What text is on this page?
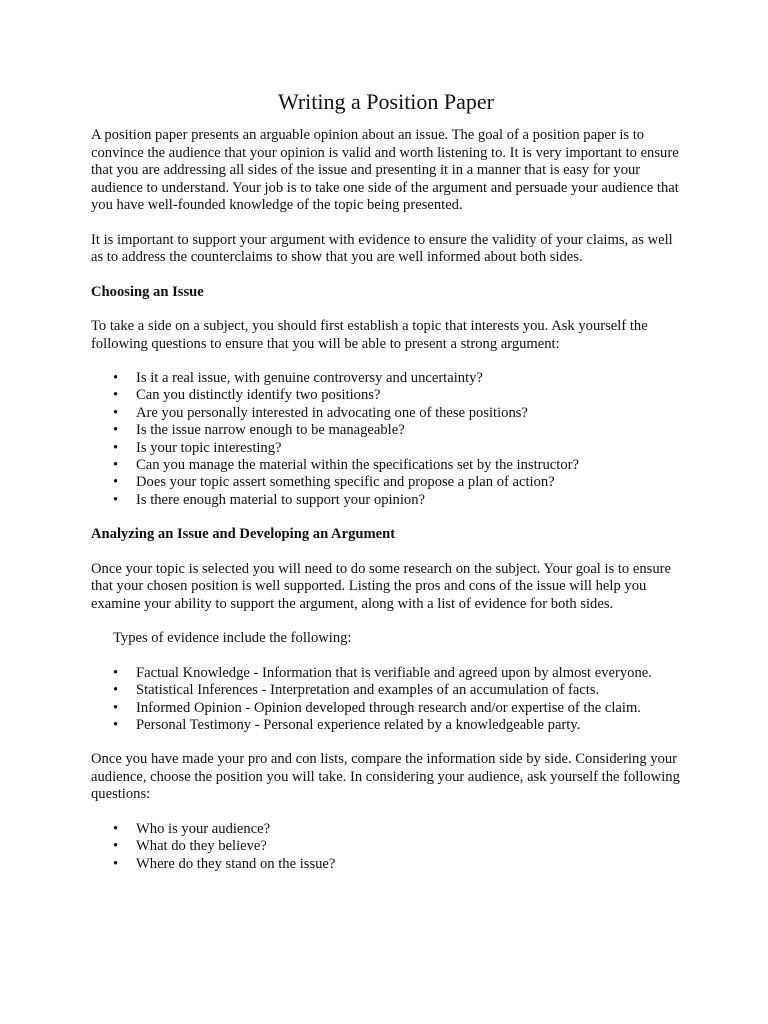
Writing a Position Paper

A position paper presents an arguable opinion about an issue. The goal of a position paper is to convince the audience that your opinion is valid and worth listening to. It is very important to ensure that you are addressing all sides of the issue and presenting it in a manner that is easy for your audience to understand. Your job is to take one side of the argument and persuade your audience that you have well-founded knowledge of the topic being presented.

It is important to support your argument with evidence to ensure the validity of your claims, as well as to address the counterclaims to show that you are well informed about both sides.

Choosing an Issue

To take a side on a subject, you should first establish a topic that interests you. Ask yourself the following questions to ensure that you will be able to present a strong argument:

• Is it a real issue, with genuine controversy and uncertainty?
• Can you distinctly identify two positions?
• Are you personally interested in advocating one of these positions?
• Is the issue narrow enough to be manageable?
• Is your topic interesting?
• Can you manage the material within the specifications set by the instructor?
• Does your topic assert something specific and propose a plan of action?
• Is there enough material to support your opinion?
Analyzing an Issue and Developing an Argument

Once your topic is selected you will need to do some research on the subject. Your goal is to ensure that your chosen position is well supported. Listing the pros and cons of the issue will help you examine your ability to support the argument, along with a list of evidence for both sides.

Types of evidence include the following:

• Factual Knowledge - Information that is verifiable and agreed upon by almost everyone.
• Statistical Inferences - Interpretation and examples of an accumulation of facts.
• Informed Opinion - Opinion developed through research and/or expertise of the claim.
• Personal Testimony - Personal experience related by a knowledgeable party.

Once you have made your pro and con lists, compare the information side by side. Considering your audience, choose the position you will take. In considering your audience, ask yourself the following questions:

• Who is your audience?
• What do they believe?
• Where do they stand on the issue?
